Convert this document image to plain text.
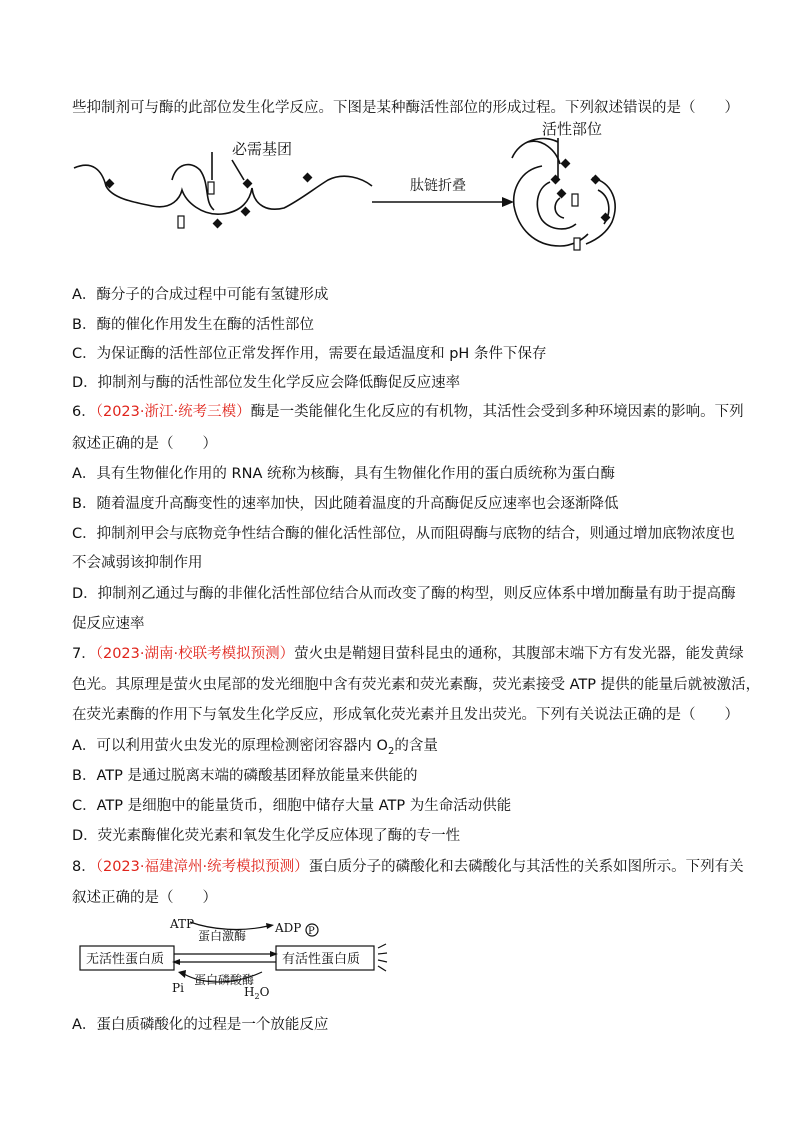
些抑制剂可与酶的此部位发生化学反应。下图是某种酶活性部位的形成过程。下列叙述错误的是（　　）
必需基团
活性部位
肽链折叠
A．酶分子的合成过程中可能有氢键形成
B．酶的催化作用发生在酶的活性部位
C．为保证酶的活性部位正常发挥作用，需要在最适温度和 pH 条件下保存
D．抑制剂与酶的活性部位发生化学反应会降低酶促反应速率
6．（2023·浙江·统考三模）酶是一类能催化生化反应的有机物，其活性会受到多种环境因素的影响。下列
叙述正确的是（　　）
A．具有生物催化作用的 RNA 统称为核酶，具有生物催化作用的蛋白质统称为蛋白酶
B．随着温度升高酶变性的速率加快，因此随着温度的升高酶促反应速率也会逐渐降低
C．抑制剂甲会与底物竞争性结合酶的催化活性部位，从而阻碍酶与底物的结合，则通过增加底物浓度也
不会减弱该抑制作用
D．抑制剂乙通过与酶的非催化活性部位结合从而改变了酶的构型，则反应体系中增加酶量有助于提高酶
促反应速率
7．（2023·湖南·校联考模拟预测）萤火虫是鞘翅目萤科昆虫的通称，其腹部末端下方有发光器，能发黄绿
色光。其原理是萤火虫尾部的发光细胞中含有荧光素和荧光素酶，荧光素接受 ATP 提供的能量后就被激活，
在荧光素酶的作用下与氧发生化学反应，形成氧化荧光素并且发出荧光。下列有关说法正确的是（　　）
A．可以利用萤火虫发光的原理检测密闭容器内 $O_2$的含量
B．ATP 是通过脱离末端的磷酸基团释放能量来供能的
C．ATP 是细胞中的能量货币，细胞中储存大量 ATP 为生命活动供能
D．荧光素酶催化荧光素和氧发生化学反应体现了酶的专一性
8．（2023·福建漳州·统考模拟预测）蛋白质分子的磷酸化和去磷酸化与其活性的关系如图所示。下列有关
叙述正确的是（　　）
ATP
蛋白激酶
ADP P
无活性蛋白质	有活性蛋白质
蛋白磷酸酶
Pi	$H_2O$
A．蛋白质磷酸化的过程是一个放能反应
